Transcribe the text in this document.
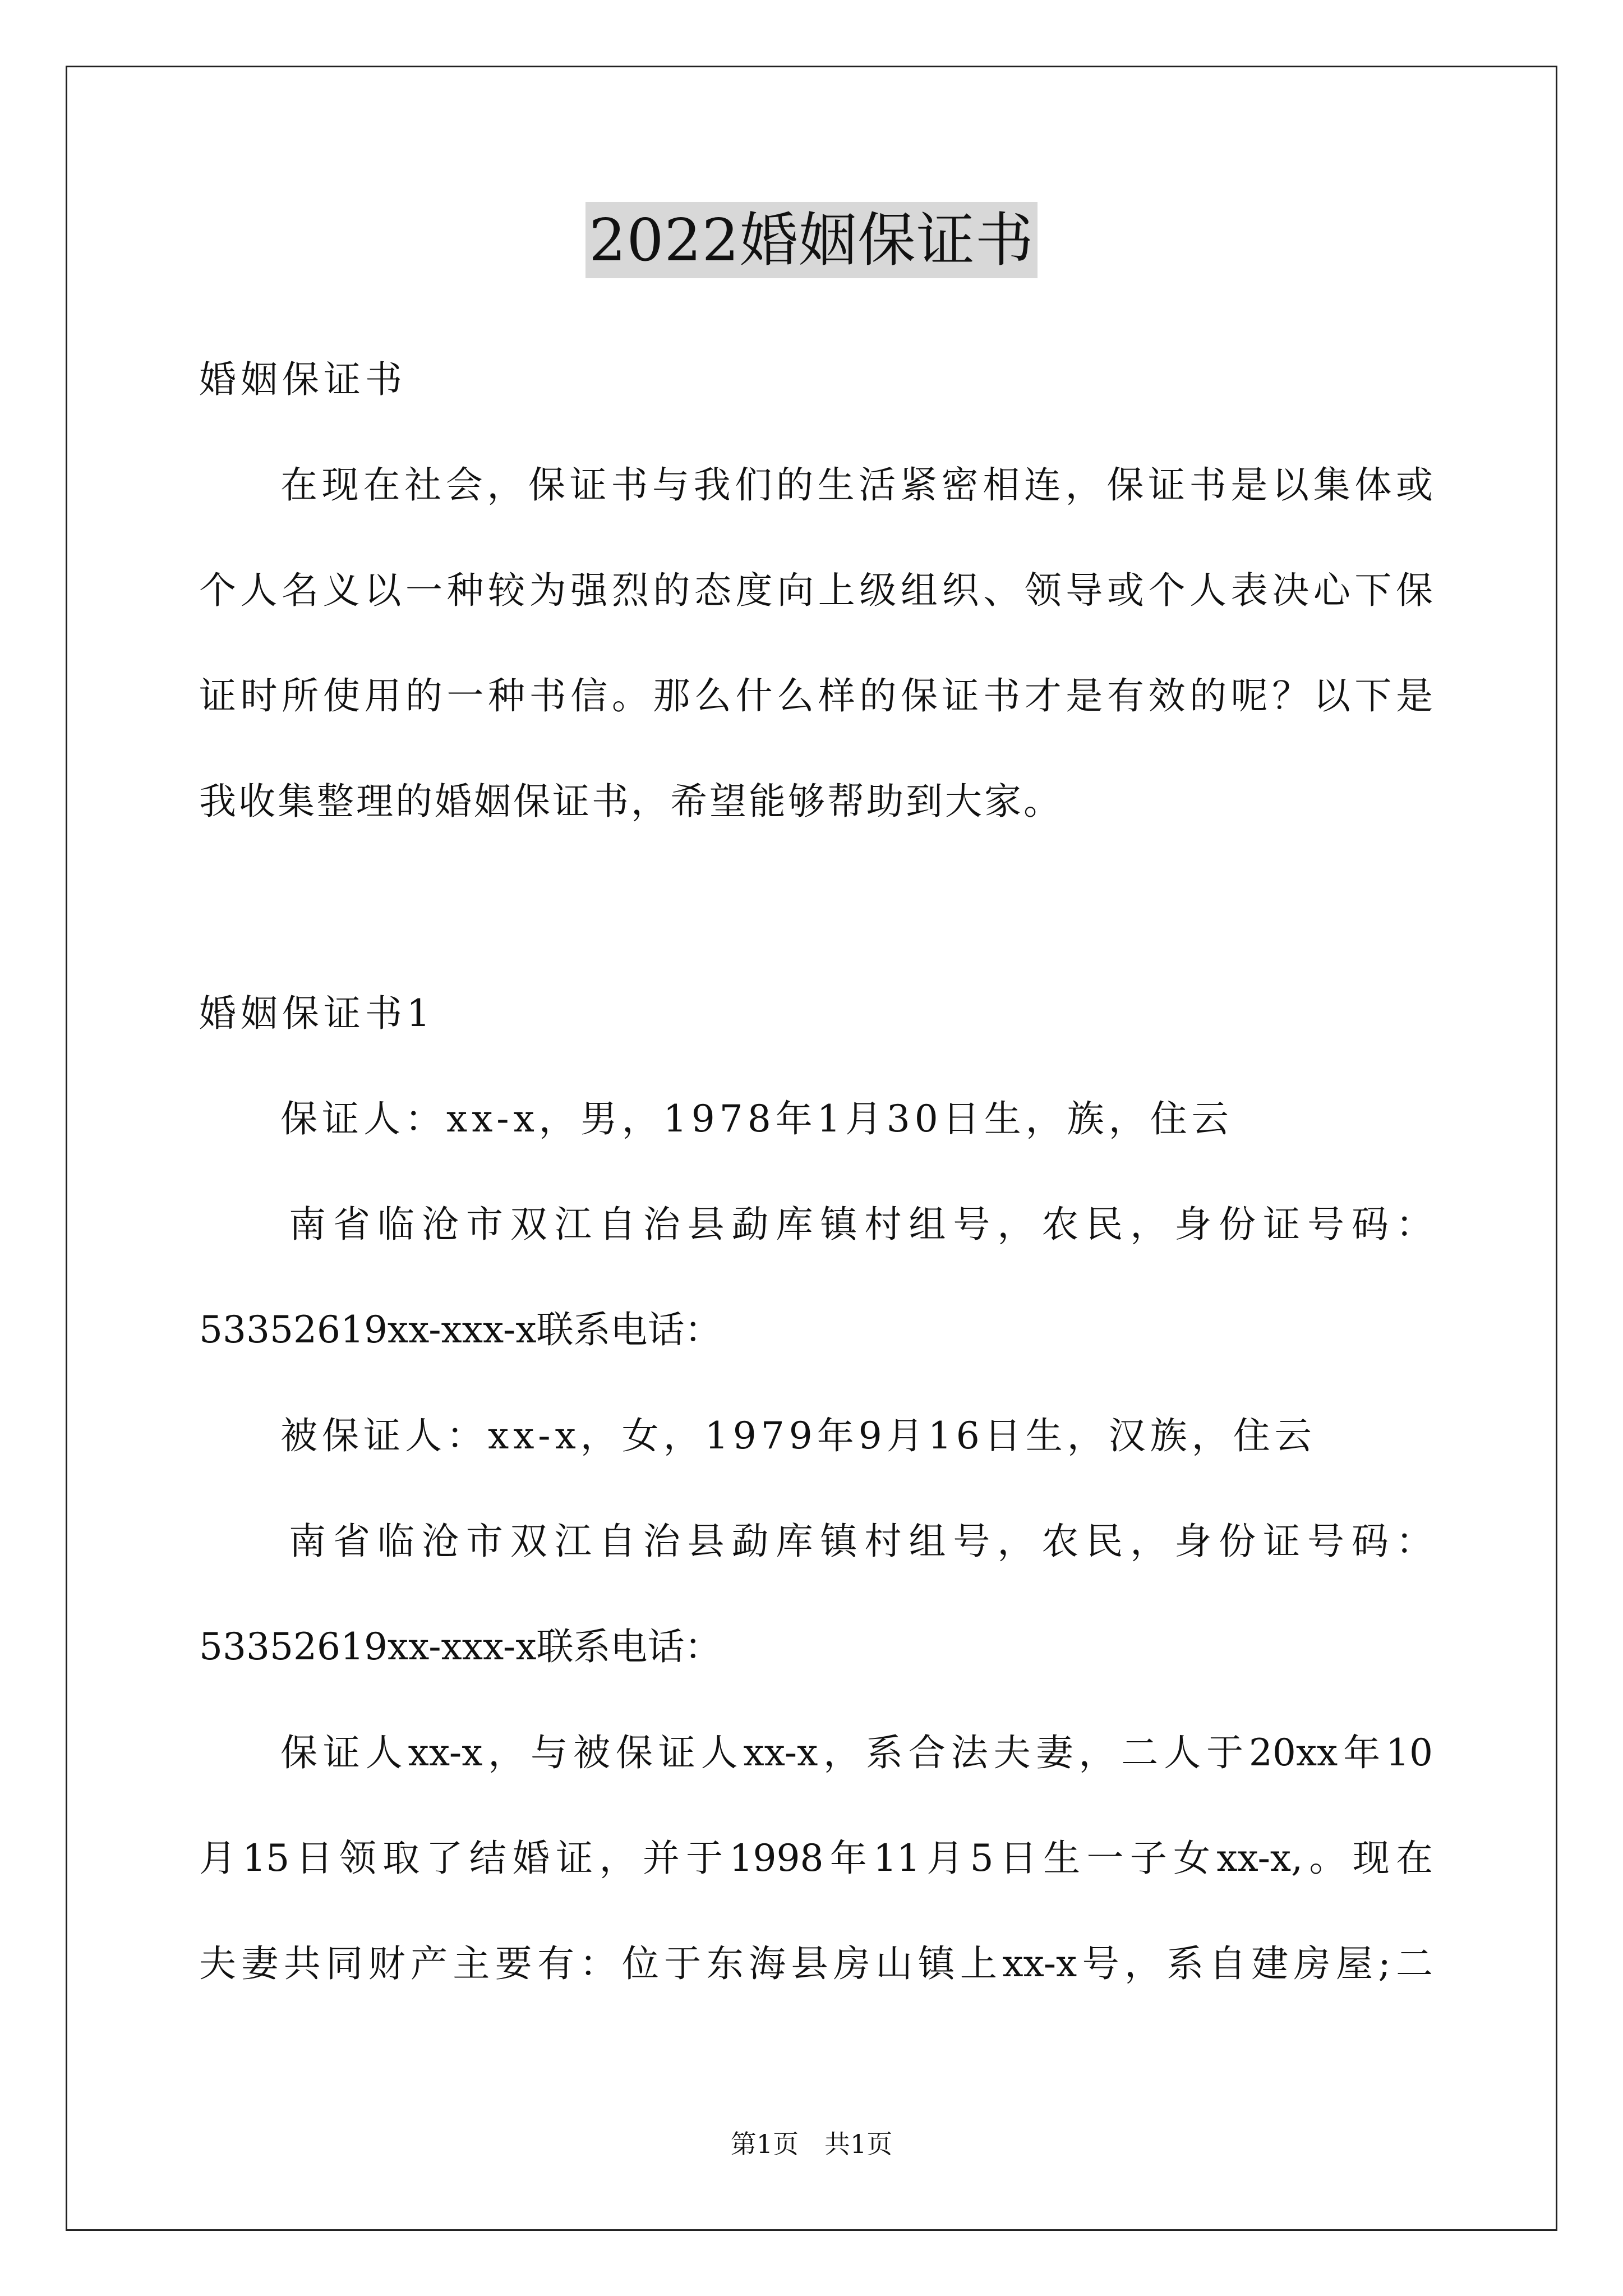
2022婚姻保证书
婚姻保证书
在现在社会，保证书与我们的生活紧密相连，保证书是以集体或
个人名义以一种较为强烈的态度向上级组织、领导或个人表决心下保
证时所使用的一种书信。那么什么样的保证书才是有效的呢？以下是
我收集整理的婚姻保证书，希望能够帮助到大家。
婚姻保证书1
保证人：xx-x，男，1978年1月30日生，族，住云
南省临沧市双江自治县勐库镇村组号，农民，身份证号码：
53352619xx-xxx-x联系电话：
被保证人：xx-x，女，1979年9月16日生，汉族，住云
南省临沧市双江自治县勐库镇村组号，农民，身份证号码：
53352619xx-xxx-x联系电话：
保证人xx-x，与被保证人xx-x，系合法夫妻，二人于20xx年10
月15日领取了结婚证，并于1998年11月5日生一子女xx-x,。现在
夫妻共同财产主要有：位于东海县房山镇上xx-x号，系自建房屋;二
第1页　共1页
